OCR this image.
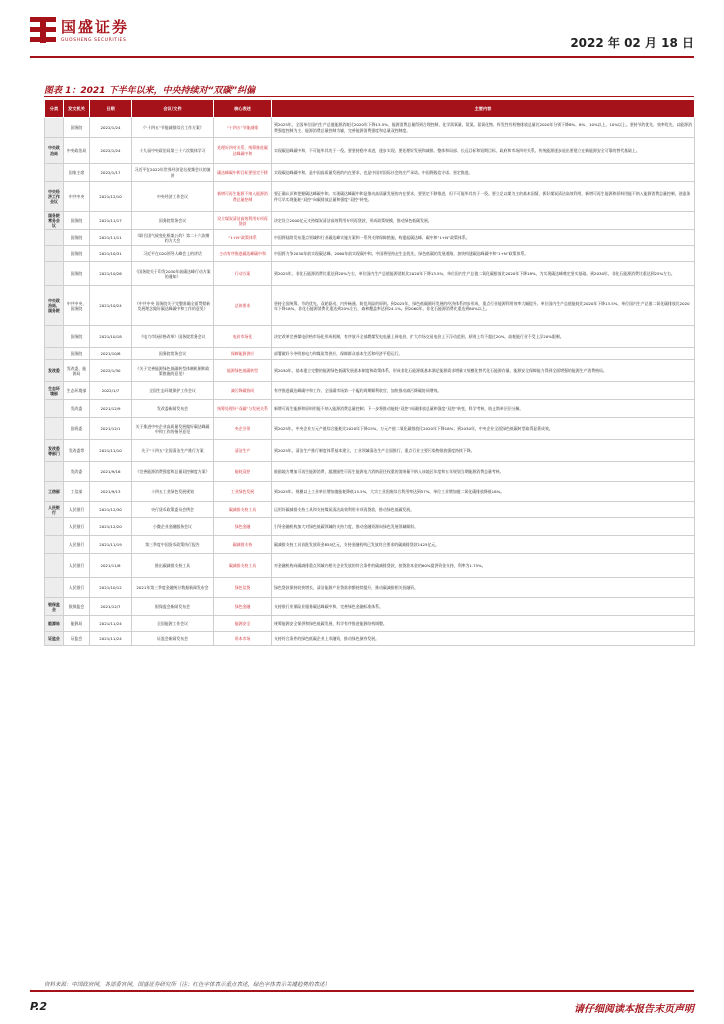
国盛证券
GUOSHENG SECURITIES	2022 年 02 月 18 日
图表 1：2021 下半年以来，中央持续对“双碳”纠偏
分类	发文机关	日期	会议/文件	核心表述	主要内容
	国务院	2022/1/24	《“十四五”节能减排综合工作方案》	“十四五”节能减排	到2025年，全国单位国内生产总值能源消耗比2020年下降13.5%，能源消费总量得到合理控制，化学需氧量、氨氮、氮氧化物、挥发性有机物排放总量比2020年分别下降8%、8%、10%以上、10%以上。坚持节约优先、效率优先，以能源消费强度控制为主、能源消费总量控制为辅，完善能源消费强度和总量双控制度。
中央政治局	中央政治局	2022/1/24	十九届中央政治局第三十六次集体学习	处理好四对关系，统筹推进碳达峰碳中和	实现碳达峰碳中和，不可能毕其功于一役。要坚持稳中求进，逐步实现。要处理好发展和减排、整体和局部、长远目标和短期目标、政府和市场四对关系。传统能源逐步退出要建立在新能源安全可靠的替代基础上。
	国家主席	2022/1/17	习近平在2022年世界经济论坛视频会议的演讲	碳达峰碳中和目标要坚定不移	实现碳达峰碳中和，是中国高质量发展的内在要求，也是中国对国际社会的庄严承诺。中国将践信守诺、坚定推进。
中央经济工作会议	中共中央	2021/12/10	中央经济工作会议	新增可再生能源不纳入能源消费总量控制	要正确认识和把握碳达峰碳中和。实现碳达峰碳中和是推动高质量发展的内在要求，要坚定不移推进，但不可能毕其功于一役。要立足以煤为主的基本国情，抓好煤炭清洁高效利用，新增可再生能源和原料用能不纳入能源消费总量控制，创造条件尽早实现能耗“双控”向碳排放总量和强度“双控”转变。
国务院常务会议	国务院	2021/11/17	国务院常务会议	设立煤炭清洁高效利用专项再贷款	决定设立2000亿元支持煤炭清洁高效利用专项再贷款，形成政策规模，推动绿色低碳发展。
	国务院	2021/11/11	《联合国气候变化框架公约》第二十六次缔约方大会	“1+N”政策体系	中国将陆续发布重点领域和行业碳达峰实施方案和一系列支撑保障措施，构建起碳达峰、碳中和“1+N”政策体系。
	国务院	2021/10/31	习近平在G20领导人峰会上的讲话	主动有序推进碳达峰碳中和	中国将力争2030年前实现碳达峰、2060年前实现碳中和。中国将坚持走生态优先、绿色低碳的发展道路，加快构建碳达峰碳中和“1+N”政策体系。
	国务院	2021/10/26	《国务院关于印发2030年前碳达峰行动方案的通知》	行动方案	到2025年，非化石能源消费比重达到20%左右，单位国内生产总值能源消耗比2020年下降13.5%，单位国内生产总值二氧化碳排放比2020年下降18%，为实现碳达峰奠定坚实基础。到2030年，非化石能源消费比重达到25%左右。
中央政治局、国务院	中共中央、国务院	2021/10/24	《中共中央 国务院关于完整准确全面贯彻新发展理念做好碳达峰碳中和工作的意见》	总体要求	坚持全国统筹、节约优先、双轮驱动、内外畅通、防范风险的原则。到2025年，绿色低碳循环发展的经济体系初步形成，重点行业能源利用效率大幅提升。单位国内生产总值能耗比2020年下降13.5%，单位国内生产总值二氧化碳排放比2020年下降18%，非化石能源消费比重达到20%左右，森林覆盖率达到24.1%。到2060年，非化石能源消费比重达到80%以上。
	国务院	2021/10/18	《电力市场价格改革》国务院常务会议	电价市场化	决定改革完善煤电价格市场化形成机制，有序放开全部燃煤发电电量上网电价，扩大市场交易电价上下浮动范围，原则上均不超过20%，高耗能行业不受上浮20%限制。
	国务院	2021/10/8	国务院常务会议	保障能源供应	部署做好今冬明春电力和煤炭等供应，保障群众基本生活和经济平稳运行。
发改委	发改委、能源局	2022/1/30	《关于完善能源绿色低碳转型体制机制和政策措施的意见》	能源绿色低碳转型	到2030年，基本建立完整的能源绿色低碳发展基本制度和政策体系，形成非化石能源既基本满足能源需求增量又规模化替代化石能源存量、能源安全保障能力得到全面增强的能源生产消费格局。
生态环境部	生态环境部	2022/1/7	全国生态环境保护工作会议	减污降碳协同	有序推进碳达峰碳中和工作，全国碳市场第一个履约周期顺利收官，加快推动减污降碳协同增效。
	发改委	2021/12/9	发改委新闻发布会	统筹处理好“双碳”与发展关系	新增可再生能源和原料用能不纳入能源消费总量控制；下一步将推动能耗“双控”向碳排放总量和强度“双控”转变，科学考核，防止简单层层分解。
	国资委	2021/12/1	关于推进中央企业高质量发展做好碳达峰碳中和工作的指导意见	央企引领	到2025年，中央企业万元产值综合能耗比2020年下降15%，万元产值二氧化碳排放比2020年下降18%；到2030年，中央企业全面绿色低碳转型取得显著成效。
发改委等部门	发改委等	2021/11/10	关于“十四五”全国清洁生产推行方案	清洁生产	到2025年，清洁生产推行制度体系基本建立，工业领域清洁生产全面推行，重点行业主要污染物排放强度持续下降。
	发改委	2021/9/16	《完善能源消费强度和总量双控制度方案》	能耗双控	鼓励地方增加可再生能源消费，超激励性可再生能源电力消纳责任权重的消纳量不纳入该地区年度和五年规划当期能源消费总量考核。
工信部	工信部	2021/9/13	十四五工业绿色发展规划	工业绿色发展	到2025年，规模以上工业单位增加值能耗降低13.5%，大宗工业固废综合利用率达到57%，单位工业增加值二氧化碳排放降低18%。
人民银行	人民银行	2021/12/30	央行货币政策委员会例会	碳减排支持工具	运用好碳减排支持工具和支持煤炭清洁高效利用专项再贷款，推动绿色低碳发展。
	人民银行	2021/12/20	小微企业金融服务会议	绿色金融	引导金融机构加大对绿色低碳领域的支持力度，推动金融资源向绿色发展领域倾斜。
	人民银行	2021/11/19	第三季度中国货币政策执行报告	碳减排支持	碳减排支持工具首批发放资金855亿元，支持金融机构已发放符合要求的碳减排贷款1425亿元。
	人民银行	2021/11/8	推出碳减排支持工具	碳减排支持工具	对金融机构向碳减排重点领域内相关企业发放的符合条件的碳减排贷款，按贷款本金的60%提供资金支持，利率为1.75%。
	人民银行	2021/10/12	2021年第三季度金融统计数据新闻发布会	绿色信贷	绿色贷款保持较快增长，清洁能源产业贷款余额持续提升，推动碳减排相关投融资。
银保监会	银保监会	2021/12/7	银保监会新闻发布会	绿色金融	支持银行业保险业服务碳达峰碳中和，完善绿色金融标准体系。
能源局	能源局	2021/11/24	全国能源工作会议	能源安全	统筹能源安全保供和绿色低碳发展，科学有序推进能源结构调整。
证监会	证监会	2021/11/24	证监会新闻发布会	资本市场	支持符合条件的绿色低碳企业上市融资，推动绿色债券发展。
资料来源：中国政府网，各部委官网，国盛证券研究所（注：红色字体表示重点表述，绿色字体表示关键趋势的表述）
P.2	请仔细阅读本报告末页声明
